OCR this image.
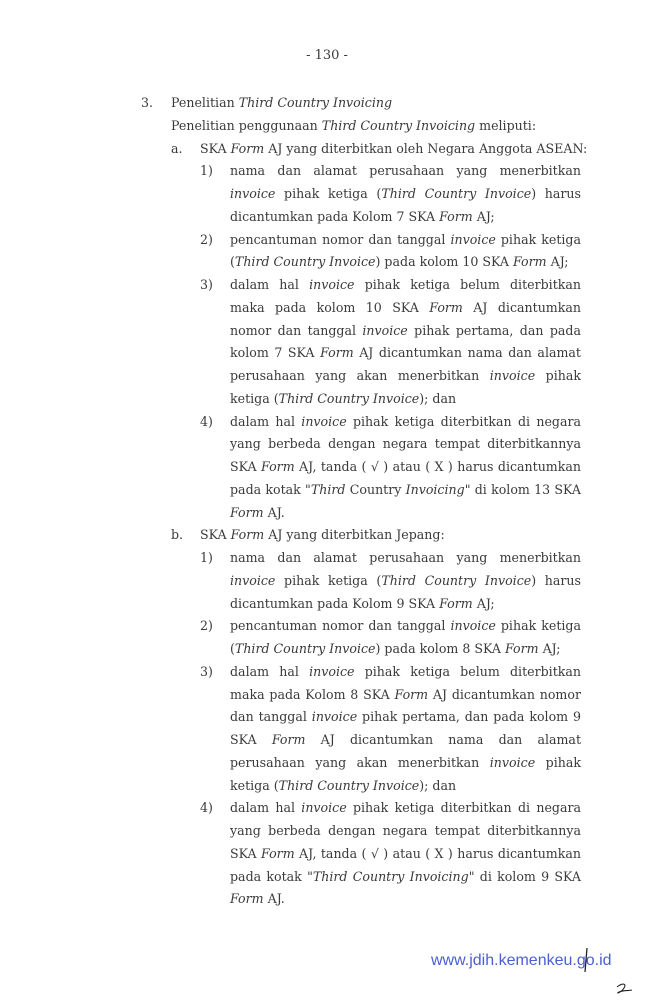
- 130 -
3. Penelitian Third Country Invoicing
Penelitian penggunaan Third Country Invoicing meliputi:
a. SKA Form AJ yang diterbitkan oleh Negara Anggota ASEAN:
1) nama dan alamat perusahaan yang menerbitkan invoice pihak ketiga (Third Country Invoice) harus dicantumkan pada Kolom 7 SKA Form AJ;
2) pencantuman nomor dan tanggal invoice pihak ketiga (Third Country Invoice) pada kolom 10 SKA Form AJ;
3) dalam hal invoice pihak ketiga belum diterbitkan maka pada kolom 10 SKA Form AJ dicantumkan nomor dan tanggal invoice pihak pertama, dan pada kolom 7 SKA Form AJ dicantumkan nama dan alamat perusahaan yang akan menerbitkan invoice pihak ketiga (Third Country Invoice); dan
4) dalam hal invoice pihak ketiga diterbitkan di negara yang berbeda dengan negara tempat diterbitkannya SKA Form AJ, tanda ( √ ) atau ( X ) harus dicantumkan pada kotak "Third Country Invoicing" di kolom 13 SKA Form AJ.
b. SKA Form AJ yang diterbitkan Jepang:
1) nama dan alamat perusahaan yang menerbitkan invoice pihak ketiga (Third Country Invoice) harus dicantumkan pada Kolom 9 SKA Form AJ;
2) pencantuman nomor dan tanggal invoice pihak ketiga (Third Country Invoice) pada kolom 8 SKA Form AJ;
3) dalam hal invoice pihak ketiga belum diterbitkan maka pada Kolom 8 SKA Form AJ dicantumkan nomor dan tanggal invoice pihak pertama, dan pada kolom 9 SKA Form AJ dicantumkan nama dan alamat perusahaan yang akan menerbitkan invoice pihak ketiga (Third Country Invoice); dan
4) dalam hal invoice pihak ketiga diterbitkan di negara yang berbeda dengan negara tempat diterbitkannya SKA Form AJ, tanda ( √ ) atau ( X ) harus dicantumkan pada kotak "Third Country Invoicing" di kolom 9 SKA Form AJ.
www.jdih.kemenkeu.go.id
